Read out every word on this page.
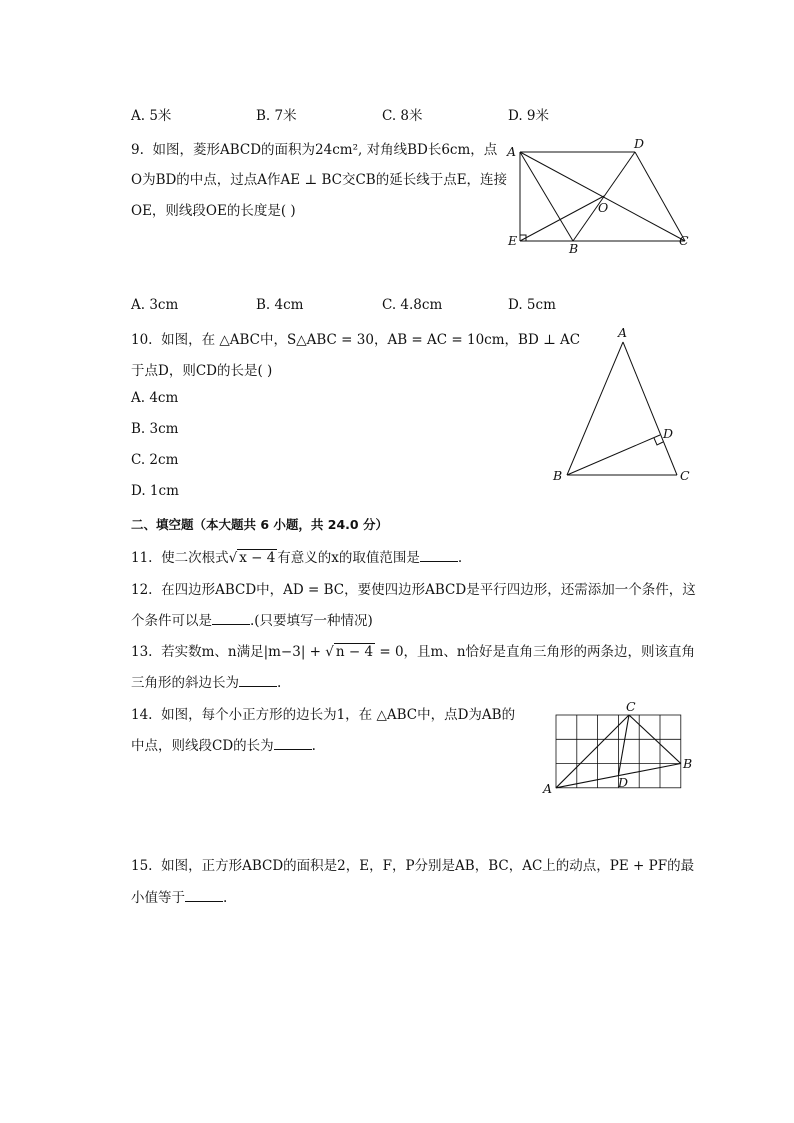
A. 5米	B. 7米	C. 8米	D. 9米
9. 如图，菱形ABCD的面积为24cm², 对角线BD长6cm，点
O为BD的中点，过点A作AE ⊥ BC交CB的延长线于点E，连接
OE，则线段OE的长度是( )
A
D
O
E
B
C
A. 3cm	B. 4cm	C. 4.8cm	D. 5cm
10. 如图，在 △ABC中，S△ABC = 30，AB = AC = 10cm，BD ⊥ AC
于点D，则CD的长是( )
A. 4cm
B. 3cm
C. 2cm
D. 1cm
A
D
B	C
二、填空题（本大题共 6 小题，共 24.0 分）
11. 使二次根式√ x − 4 有意义的x的取值范围是	.
12. 在四边形ABCD中，AD = BC，要使四边形ABCD是平行四边形，还需添加一个条件，这
个条件可以是	.(只要填写一种情况)
13. 若实数m、n满足|m−3| + √ n − 4 = 0，且m、n恰好是直角三角形的两条边，则该直角
三角形的斜边长为	.
14. 如图，每个小正方形的边长为1，在 △ABC中，点D为AB的
中点，则线段CD的长为	.
A
B
C
D
15. 如图，正方形ABCD的面积是2，E，F，P分别是AB，BC，AC上的动点，PE + PF的最
小值等于	.
